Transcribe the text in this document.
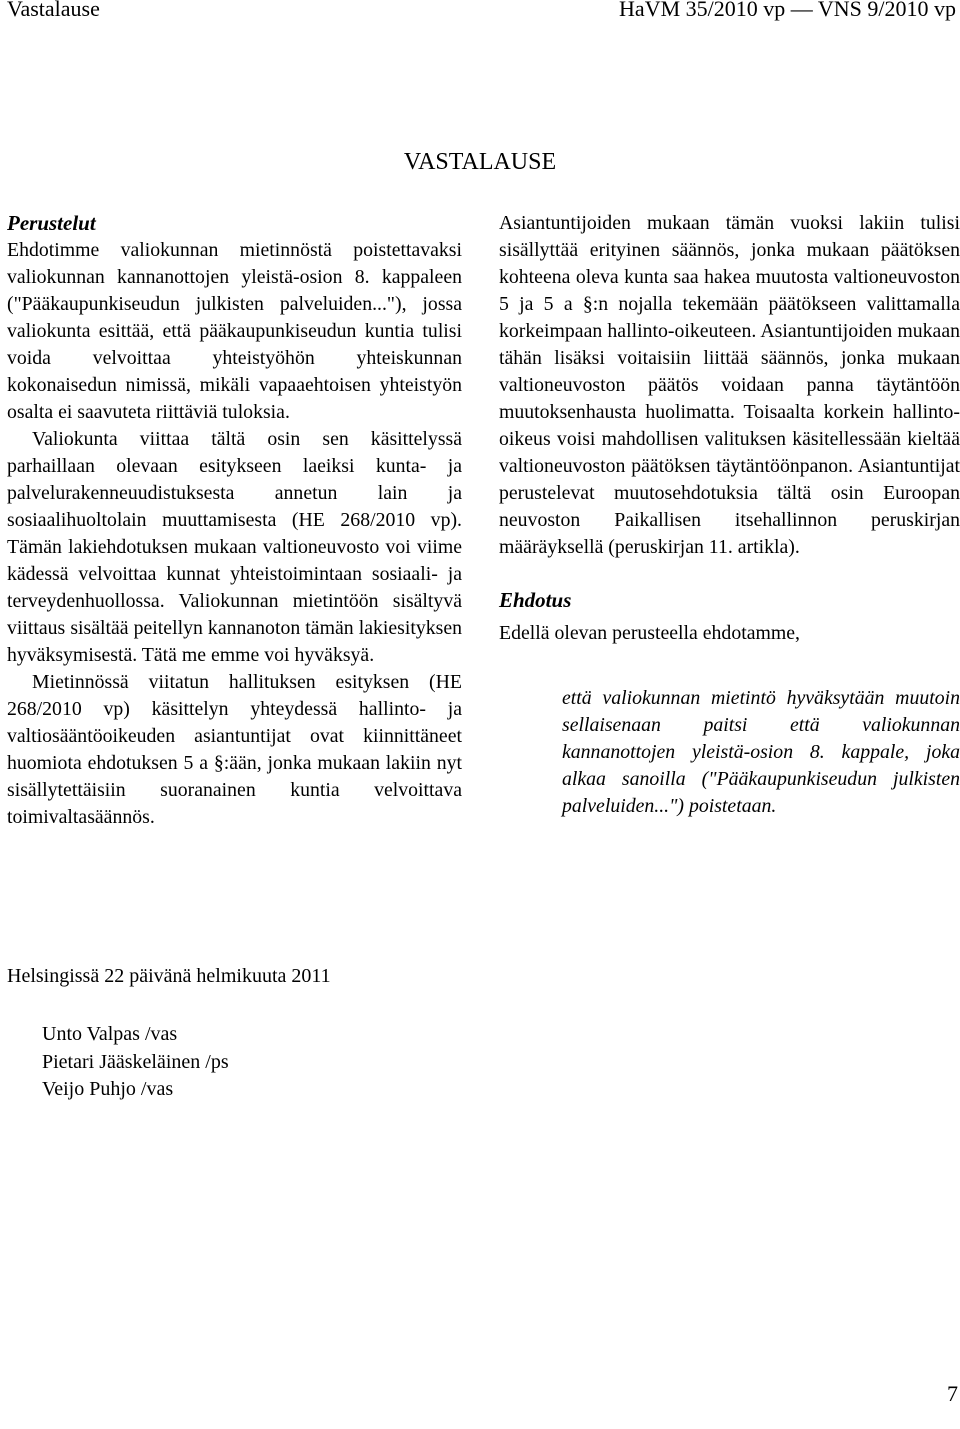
Vastalause	HaVM 35/2010 vp — VNS 9/2010 vp
VASTALAUSE
Perustelut

Ehdotimme valiokunnan mietinnöstä poistettavaksi valiokunnan kannanottojen yleistä-osion 8. kappaleen ("Pääkaupunkiseudun julkisten palveluiden..."), jossa valiokunta esittää, että pääkaupunkiseudun kuntia tulisi voida velvoittaa yhteistyöhön yhteiskunnan kokonaisedun nimissä, mikäli vapaaehtoisen yhteistyön osalta ei saavuteta riittäviä tuloksia.

Valiokunta viittaa tältä osin sen käsittelyssä parhaillaan olevaan esitykseen laeiksi kunta- ja palvelurakenneuudistuksesta annetun lain ja sosiaalihuoltolain muuttamisesta (HE 268/2010 vp). Tämän lakiehdotuksen mukaan valtioneuvosto voi viime kädessä velvoittaa kunnat yhteistoimintaan sosiaali- ja terveydenhuollossa. Valiokunnan mietintöön sisältyvä viittaus sisältää peitellyn kannanoton tämän lakiesityksen hyväksymisestä. Tätä me emme voi hyväksyä.

Mietinnössä viitatun hallituksen esityksen (HE 268/2010 vp) käsittelyn yhteydessä hallinto- ja valtiosääntöoikeuden asiantuntijat ovat kiinnittäneet huomiota ehdotuksen 5 a §:ään, jonka mukaan lakiin nyt sisällytettäisiin suoranainen kuntia velvoittava toimivaltasäännös.

Asiantuntijoiden mukaan tämän vuoksi lakiin tulisi sisällyttää erityinen säännös, jonka mukaan päätöksen kohteena oleva kunta saa hakea muutosta valtioneuvoston 5 ja 5 a §:n nojalla tekemään päätökseen valittamalla korkeimpaan hallinto-oikeuteen. Asiantuntijoiden mukaan tähän lisäksi voitaisiin liittää säännös, jonka mukaan valtioneuvoston päätös voidaan panna täytäntöön muutoksenhausta huolimatta. Toisaalta korkein hallinto-oikeus voisi mahdollisen valituksen käsitellessään kieltää valtioneuvoston päätöksen täytäntöönpanon. Asiantuntijat perustelevat muutosehdotuksia tältä osin Euroopan neuvoston Paikallisen itsehallinnon peruskirjan määräyksellä (peruskirjan 11. artikla).

Ehdotus

Edellä olevan perusteella ehdotamme,

että valiokunnan mietintö hyväksytään muutoin sellaisenaan paitsi että valiokunnan kannanottojen yleistä-osion 8. kappale, joka alkaa sanoilla ("Pääkaupunkiseudun julkisten palveluiden...") poistetaan.

Helsingissä 22 päivänä helmikuuta 2011
Unto Valpas /vas
Pietari Jääskeläinen /ps
Veijo Puhjo /vas
7
